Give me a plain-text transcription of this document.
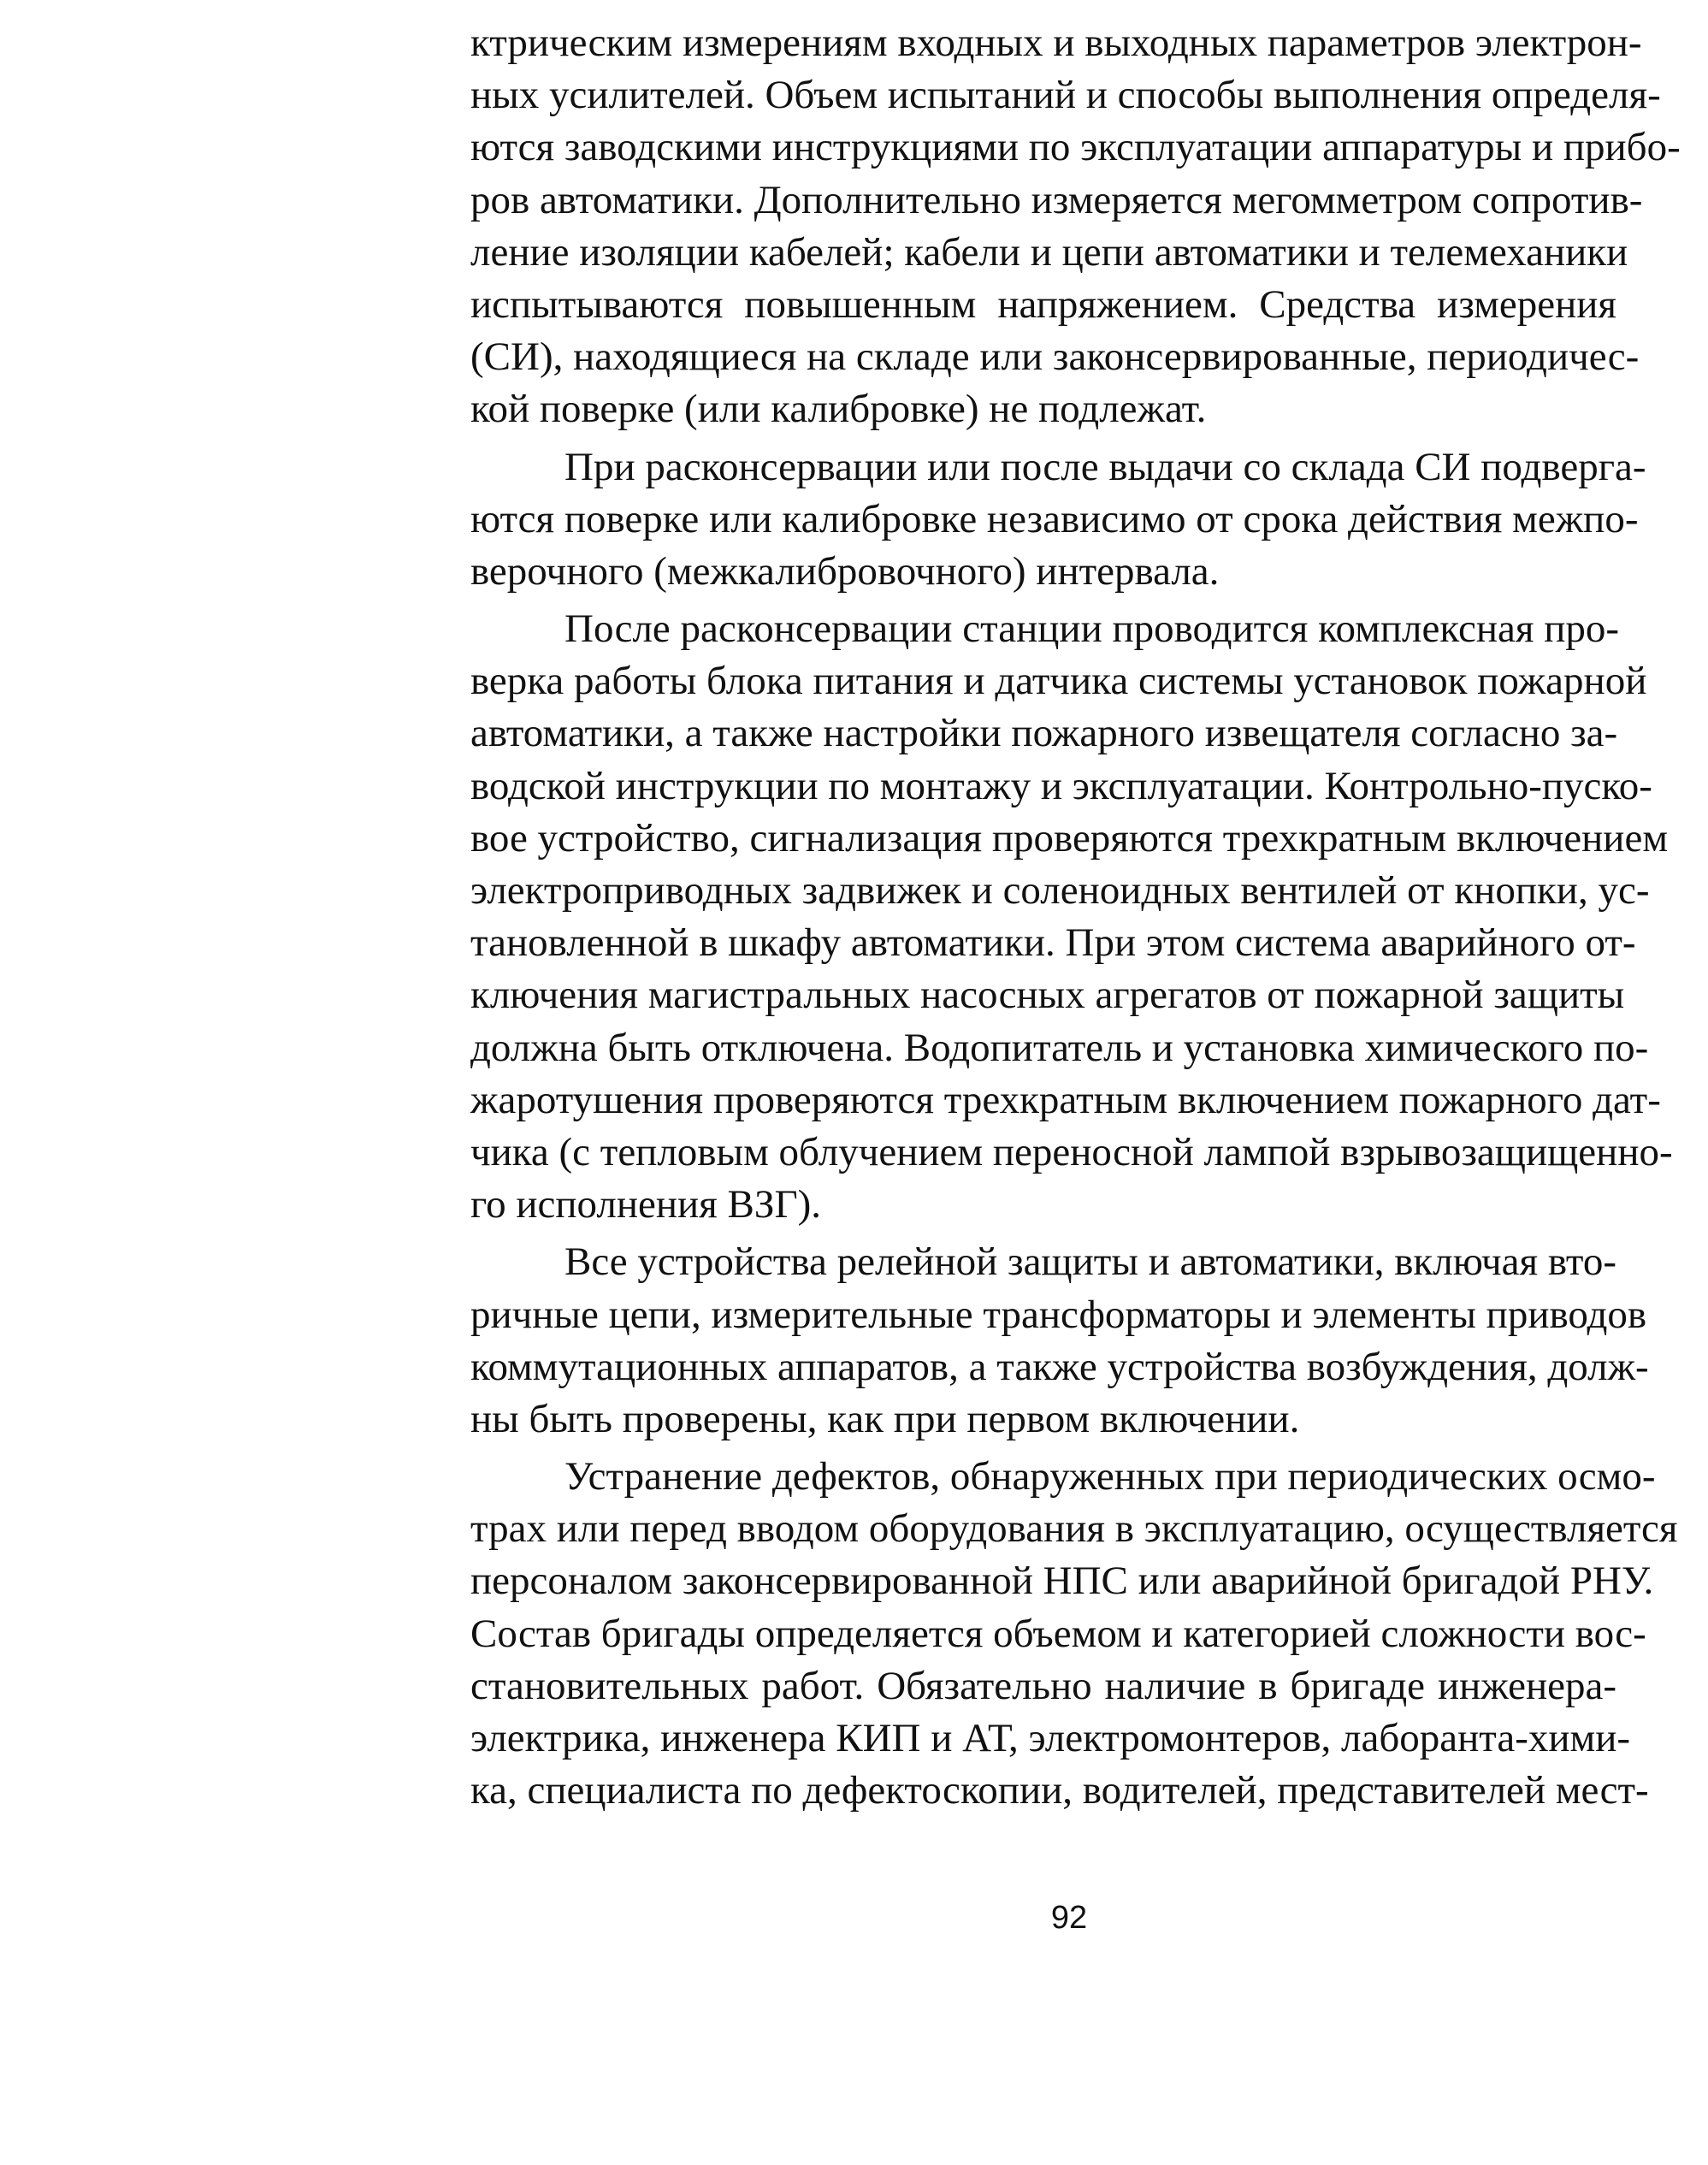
ктрическим измерениям входных и выходных параметров электрон-
ных усилителей. Объем испытаний и способы выполнения определя-
ются заводскими инструкциями по эксплуатации аппаратуры и прибо-
ров автоматики. Дополнительно измеряется мегомметром сопротив-
ление изоляции кабелей; кабели и цепи автоматики и телемеханики
испытываются повышенным напряжением. Средства измерения
(СИ), находящиеся на складе или законсервированные, периодичес-
кой поверке (или калибровке) не подлежат.
При расконсервации или после выдачи со склада СИ подверга-
ются поверке или калибровке независимо от срока действия межпо-
верочного (межкалибровочного) интервала.
После расконсервации станции проводится комплексная про-
верка работы блока питания и датчика системы установок пожарной
автоматики, а также настройки пожарного извещателя согласно за-
водской инструкции по монтажу и эксплуатации. Контрольно-пуско-
вое устройство, сигнализация проверяются трехкратным включением
электроприводных задвижек и соленоидных вентилей от кнопки, ус-
тановленной в шкафу автоматики. При этом система аварийного от-
ключения магистральных насосных агрегатов от пожарной защиты
должна быть отключена. Водопитатель и установка химического по-
жаротушения проверяются трехкратным включением пожарного дат-
чика (с тепловым облучением переносной лампой взрывозащищенно-
го исполнения ВЗГ).
Все устройства релейной защиты и автоматики, включая вто-
ричные цепи, измерительные трансформаторы и элементы приводов
коммутационных аппаратов, а также устройства возбуждения, долж-
ны быть проверены, как при первом включении.
Устранение дефектов, обнаруженных при периодических осмо-
трах или перед вводом оборудования в эксплуатацию, осуществляется
персоналом законсервированной НПС или аварийной бригадой РНУ.
Состав бригады определяется объемом и категорией сложности вос-
становительных работ. Обязательно наличие в бригаде инженера-
электрика, инженера КИП и АТ, электромонтеров, лаборанта-хими-
ка, специалиста по дефектоскопии, водителей, представителей мест-
92
